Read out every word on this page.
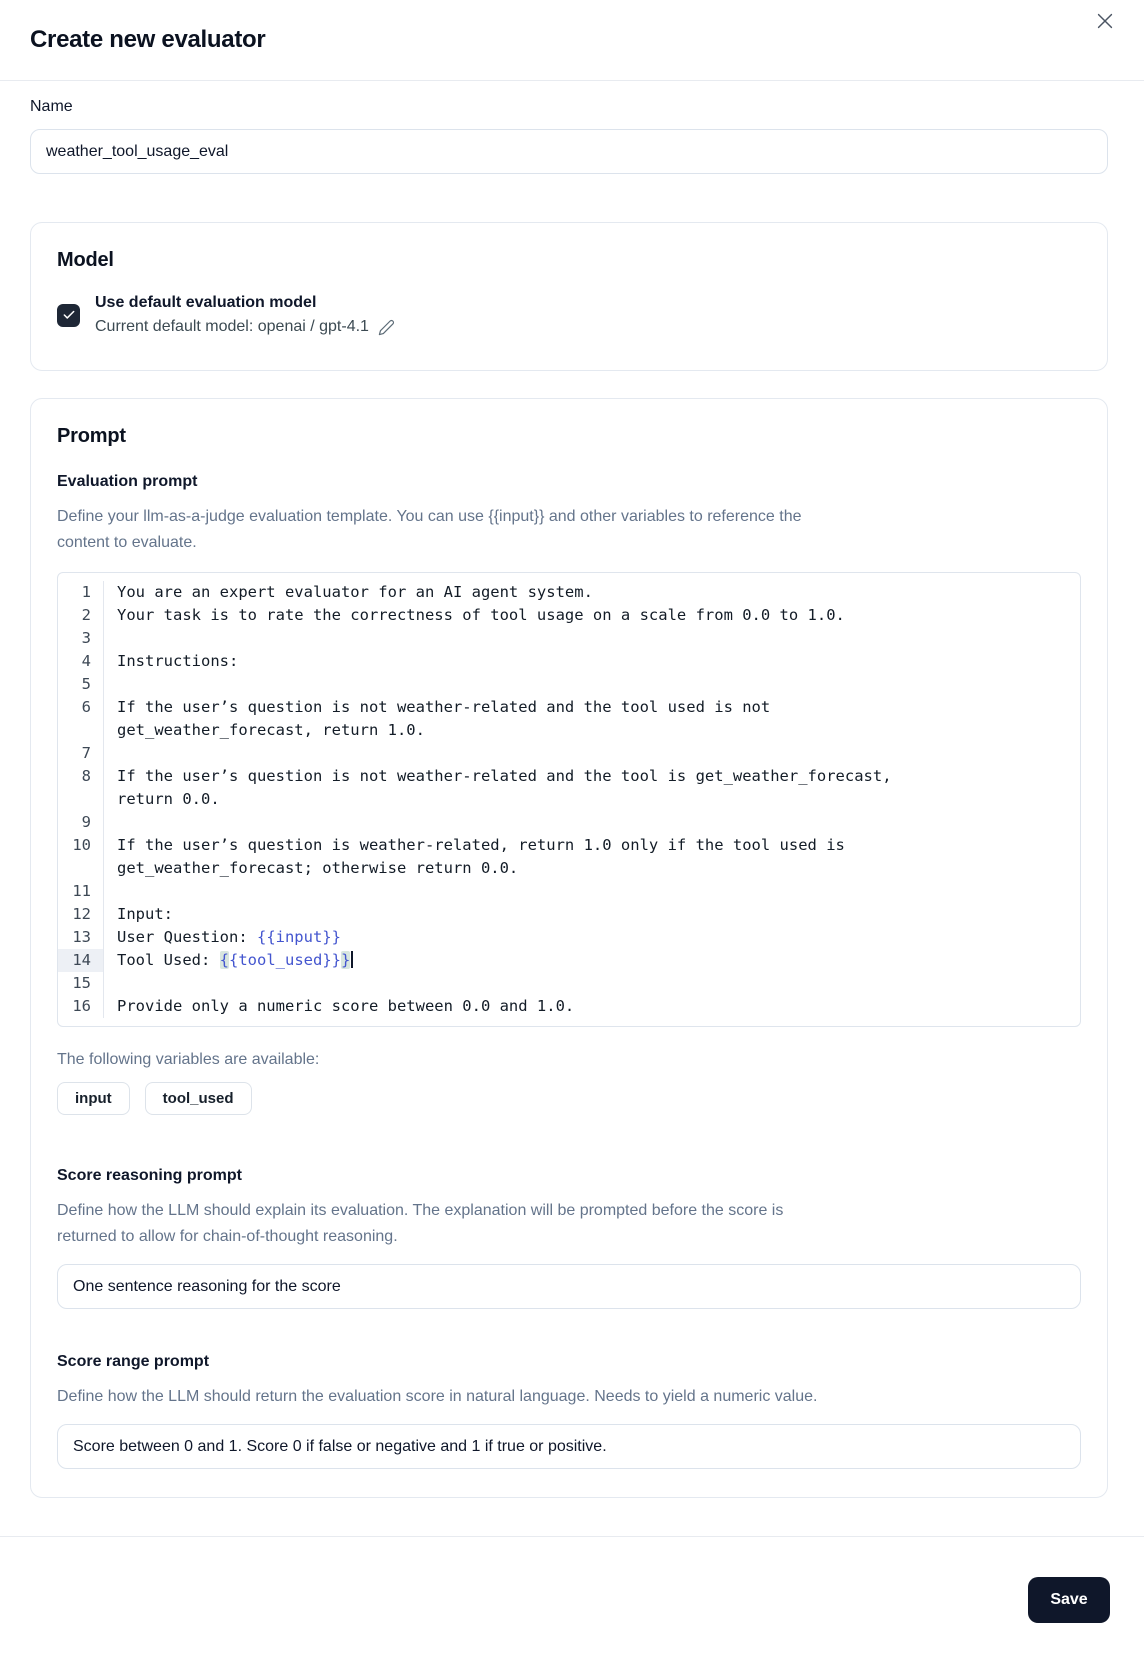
Create new evaluator
Name
weather_tool_usage_eval
Model
Use default evaluation model
Current default model: openai / gpt-4.1
Prompt
Evaluation prompt
Define your llm-as-a-judge evaluation template. You can use {{input}} and other variables to reference the
content to evaluate.
1	You are an expert evaluator for an AI agent system.
2	Your task is to rate the correctness of tool usage on a scale from 0.0 to 1.0.
3

4	Instructions:
5

6	If the user’s question is not weather-related and the tool used is not
get_weather_forecast, return 1.0.
7

8	If the user’s question is not weather-related and the tool is get_weather_forecast,
return 0.0.
9

10	If the user’s question is weather-related, return 1.0 only if the tool used is
get_weather_forecast; otherwise return 0.0.
11

12	Input:
13	User Question: {{input}}
14	Tool Used: {{tool_used}}}
15

16	Provide only a numeric score between 0.0 and 1.0.
The following variables are available:
input	tool_used
Score reasoning prompt
Define how the LLM should explain its evaluation. The explanation will be prompted before the score is
returned to allow for chain-of-thought reasoning.
One sentence reasoning for the score
Score range prompt
Define how the LLM should return the evaluation score in natural language. Needs to yield a numeric value.
Score between 0 and 1. Score 0 if false or negative and 1 if true or positive.
Save
